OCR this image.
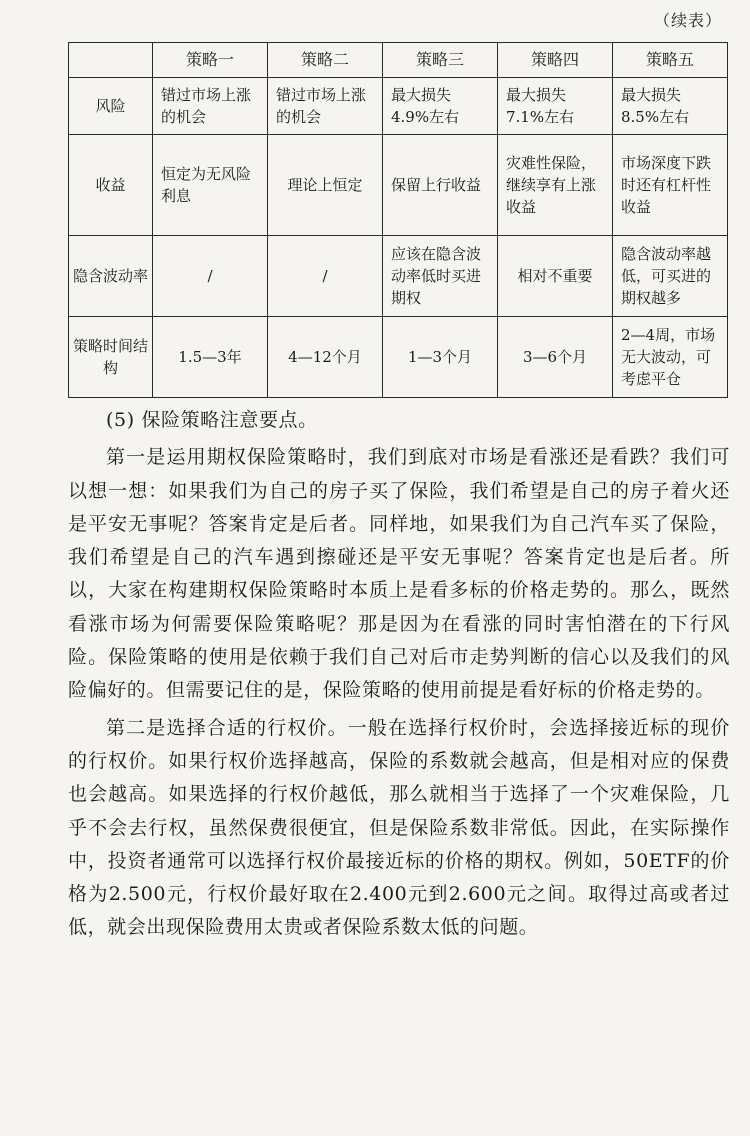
（续表）
	策略一	策略二	策略三	策略四	策略五
风险	错过市场上涨的机会	错过市场上涨的机会	最大损失4.9%左右	最大损失7.1%左右	最大损失8.5%左右
收益	恒定为无风险利息	理论上恒定	保留上行收益	灾难性保险，继续享有上涨收益	市场深度下跌时还有杠杆性收益
隐含波动率	/	/	应该在隐含波动率低时买进期权	相对不重要	隐含波动率越低，可买进的期权越多
策略时间结构	1.5—3年	4—12个月	1—3个月	3—6个月	2—4周，市场无大波动，可考虑平仓

(5) 保险策略注意要点。

第一是运用期权保险策略时，我们到底对市场是看涨还是看跌？我们可以想一想：如果我们为自己的房子买了保险，我们希望是自己的房子着火还是平安无事呢？答案肯定是后者。同样地，如果我们为自己汽车买了保险，我们希望是自己的汽车遇到擦碰还是平安无事呢？答案肯定也是后者。所以，大家在构建期权保险策略时本质上是看多标的价格走势的。那么，既然看涨市场为何需要保险策略呢？那是因为在看涨的同时害怕潜在的下行风险。保险策略的使用是依赖于我们自己对后市走势判断的信心以及我们的风险偏好的。但需要记住的是，保险策略的使用前提是看好标的价格走势的。

第二是选择合适的行权价。一般在选择行权价时，会选择接近标的现价的行权价。如果行权价选择越高，保险的系数就会越高，但是相对应的保费也会越高。如果选择的行权价越低，那么就相当于选择了一个灾难保险，几乎不会去行权，虽然保费很便宜，但是保险系数非常低。因此，在实际操作中，投资者通常可以选择行权价最接近标的价格的期权。例如，50ETF的价格为2.500元，行权价最好取在2.400元到2.600元之间。取得过高或者过低，就会出现保险费用太贵或者保险系数太低的问题。
